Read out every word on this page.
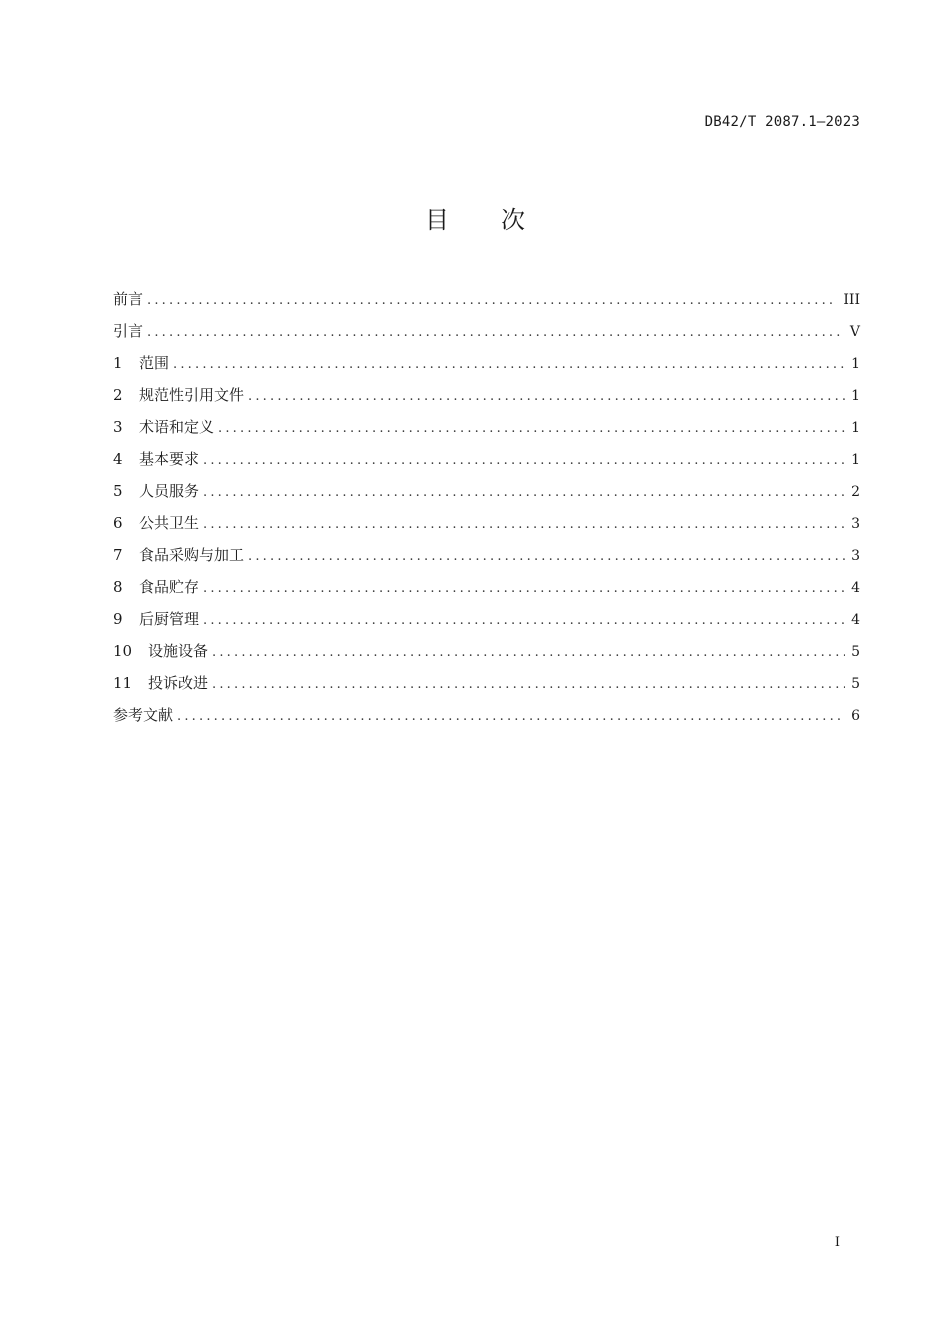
DB42/T 2087.1—2023
目 次
前言 .....	III
引言 .....	V
1	范围 .....	1
2	规范性引用文件 .....	1
3	术语和定义 .....	1
4	基本要求 .....	1
5	人员服务 .....	2
6	公共卫生 .....	3
7	食品采购与加工 .....	3
8	食品贮存 .....	4
9	后厨管理 .....	4
10	设施设备 .....	5
11	投诉改进 .....	5
参考文献 .....	6
I
